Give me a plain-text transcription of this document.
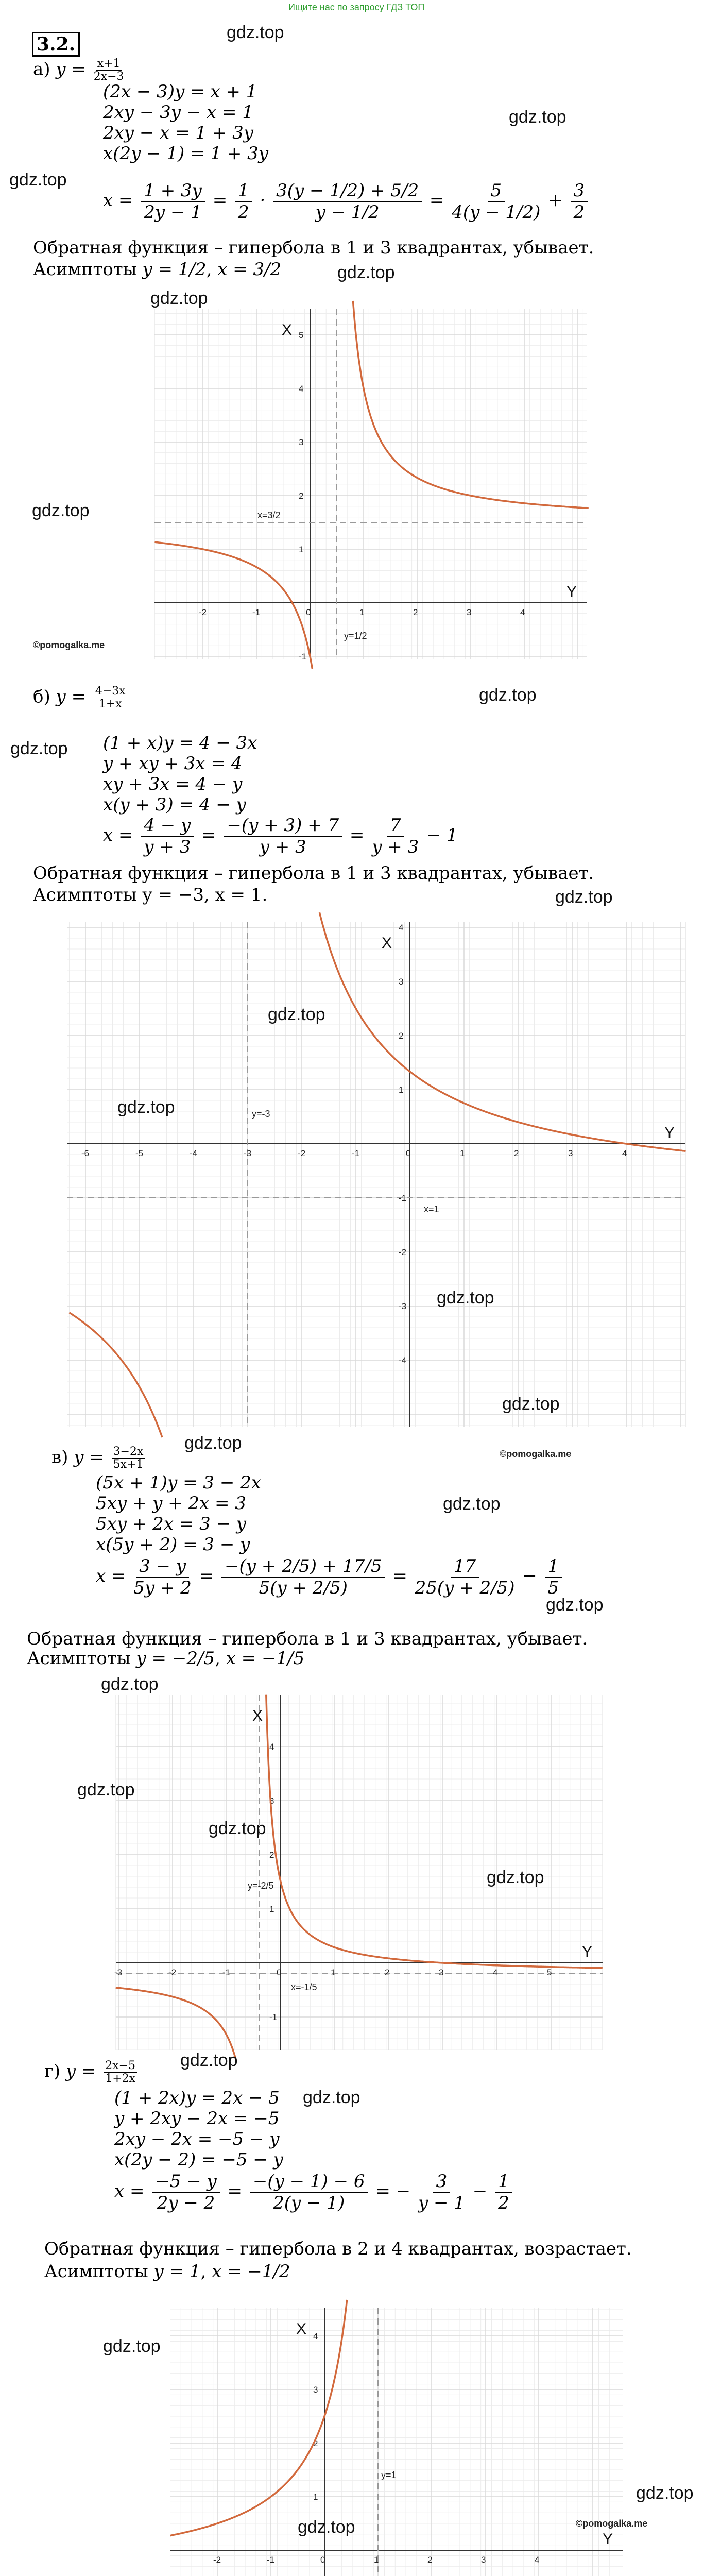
Ищите нас по запросу ГДЗ ТОП
gdz.top
3.2.
а) $y = \frac{x+1}{2x-3}$
(2x − 3)y = x + 1
2xy − 3y − x = 1
2xy − x = 1 + 3y
x(2y − 1) = 1 + 3y
gdz.top
gdz.top
$x = \frac{1 + 3y}{2y - 1} = \frac{1}{2} \cdot \frac{3(y - 1/2) + 5/2}{y - 1/2} = \frac{5}{4(y - 1/2)} + \frac{3}{2}$
Обратная функция – гипербола в 1 и 3 квадрантах, убывает.
Асимптоты y = 1/2, x = 3/2	gdz.top
gdz.top
-2	-1	0	1	2	3	4
-1
1
2
3
4
5
Y
X
x=3/2
y=1/2
gdz.top
©pomogalka.me
gdz.top
б) $y = \frac{4-3x}{1+x}$
gdz.top (1 + x)y = 4 − 3x
y + xy + 3x = 4
xy + 3x = 4 − y
x(y + 3) = 4 − y
$x = \frac{4 - y}{y + 3} = \frac{-(y + 3) + 7}{y + 3} = \frac{7}{y + 3} - 1$
Обратная функция – гипербола в 1 и 3 квадрантах, убывает.
Асимптоты y = −3, x = 1.	gdz.top
-6	-5	-4	-3	-2	-1	0	1	2	3	4
-4
-3
-2
-1
1
2
3
4
Y
X
x=1
y=-3
gdz.top
gdz.top
gdz.top
gdz.top
gdz.top
©pomogalka.me
в) $y = \frac{3-2x}{5x+1}$
(5x + 1)y = 3 − 2x
5xy + y + 2x = 3
5xy + 2x = 3 − y
x(5y + 2) = 3 − y
gdz.top
$x = \frac{3 - y}{5y + 2} = \frac{-(y + 2/5) + 17/5}{5(y + 2/5)} = \frac{17}{25(y + 2/5)} - \frac{1}{5}$
gdz.top
Обратная функция – гипербола в 1 и 3 квадрантах, убывает.
Асимптоты y = −2/5, x = −1/5
gdz.top
-3	-2	-1	0	1	2	3	4	5
-1
1
2
3
4
Y
X
x=-1/5
y=-2/5
gdz.top
gdz.top
gdz.top
gdz.top
г) $y = \frac{2x-5}{1+2x}$
gdz.top
(1 + 2x)y = 2x − 5
y + 2xy − 2x = −5
2xy − 2x = −5 − y
x(2y − 2) = −5 − y
$x = \frac{-5 - y}{2y - 2} = \frac{-(y - 1) - 6}{2(y - 1)}$ = − $\frac{3}{y - 1} - \frac{1}{2}$
Обратная функция – гипербола в 2 и 4 квадрантах, возрастает.
Асимптоты y = 1, x = −1/2
-2	-1	0	1	2	3	4
1
2
3
4
Y
X
y=1
gdz.top
gdz.top
©pomogalka.me
gdz.top
